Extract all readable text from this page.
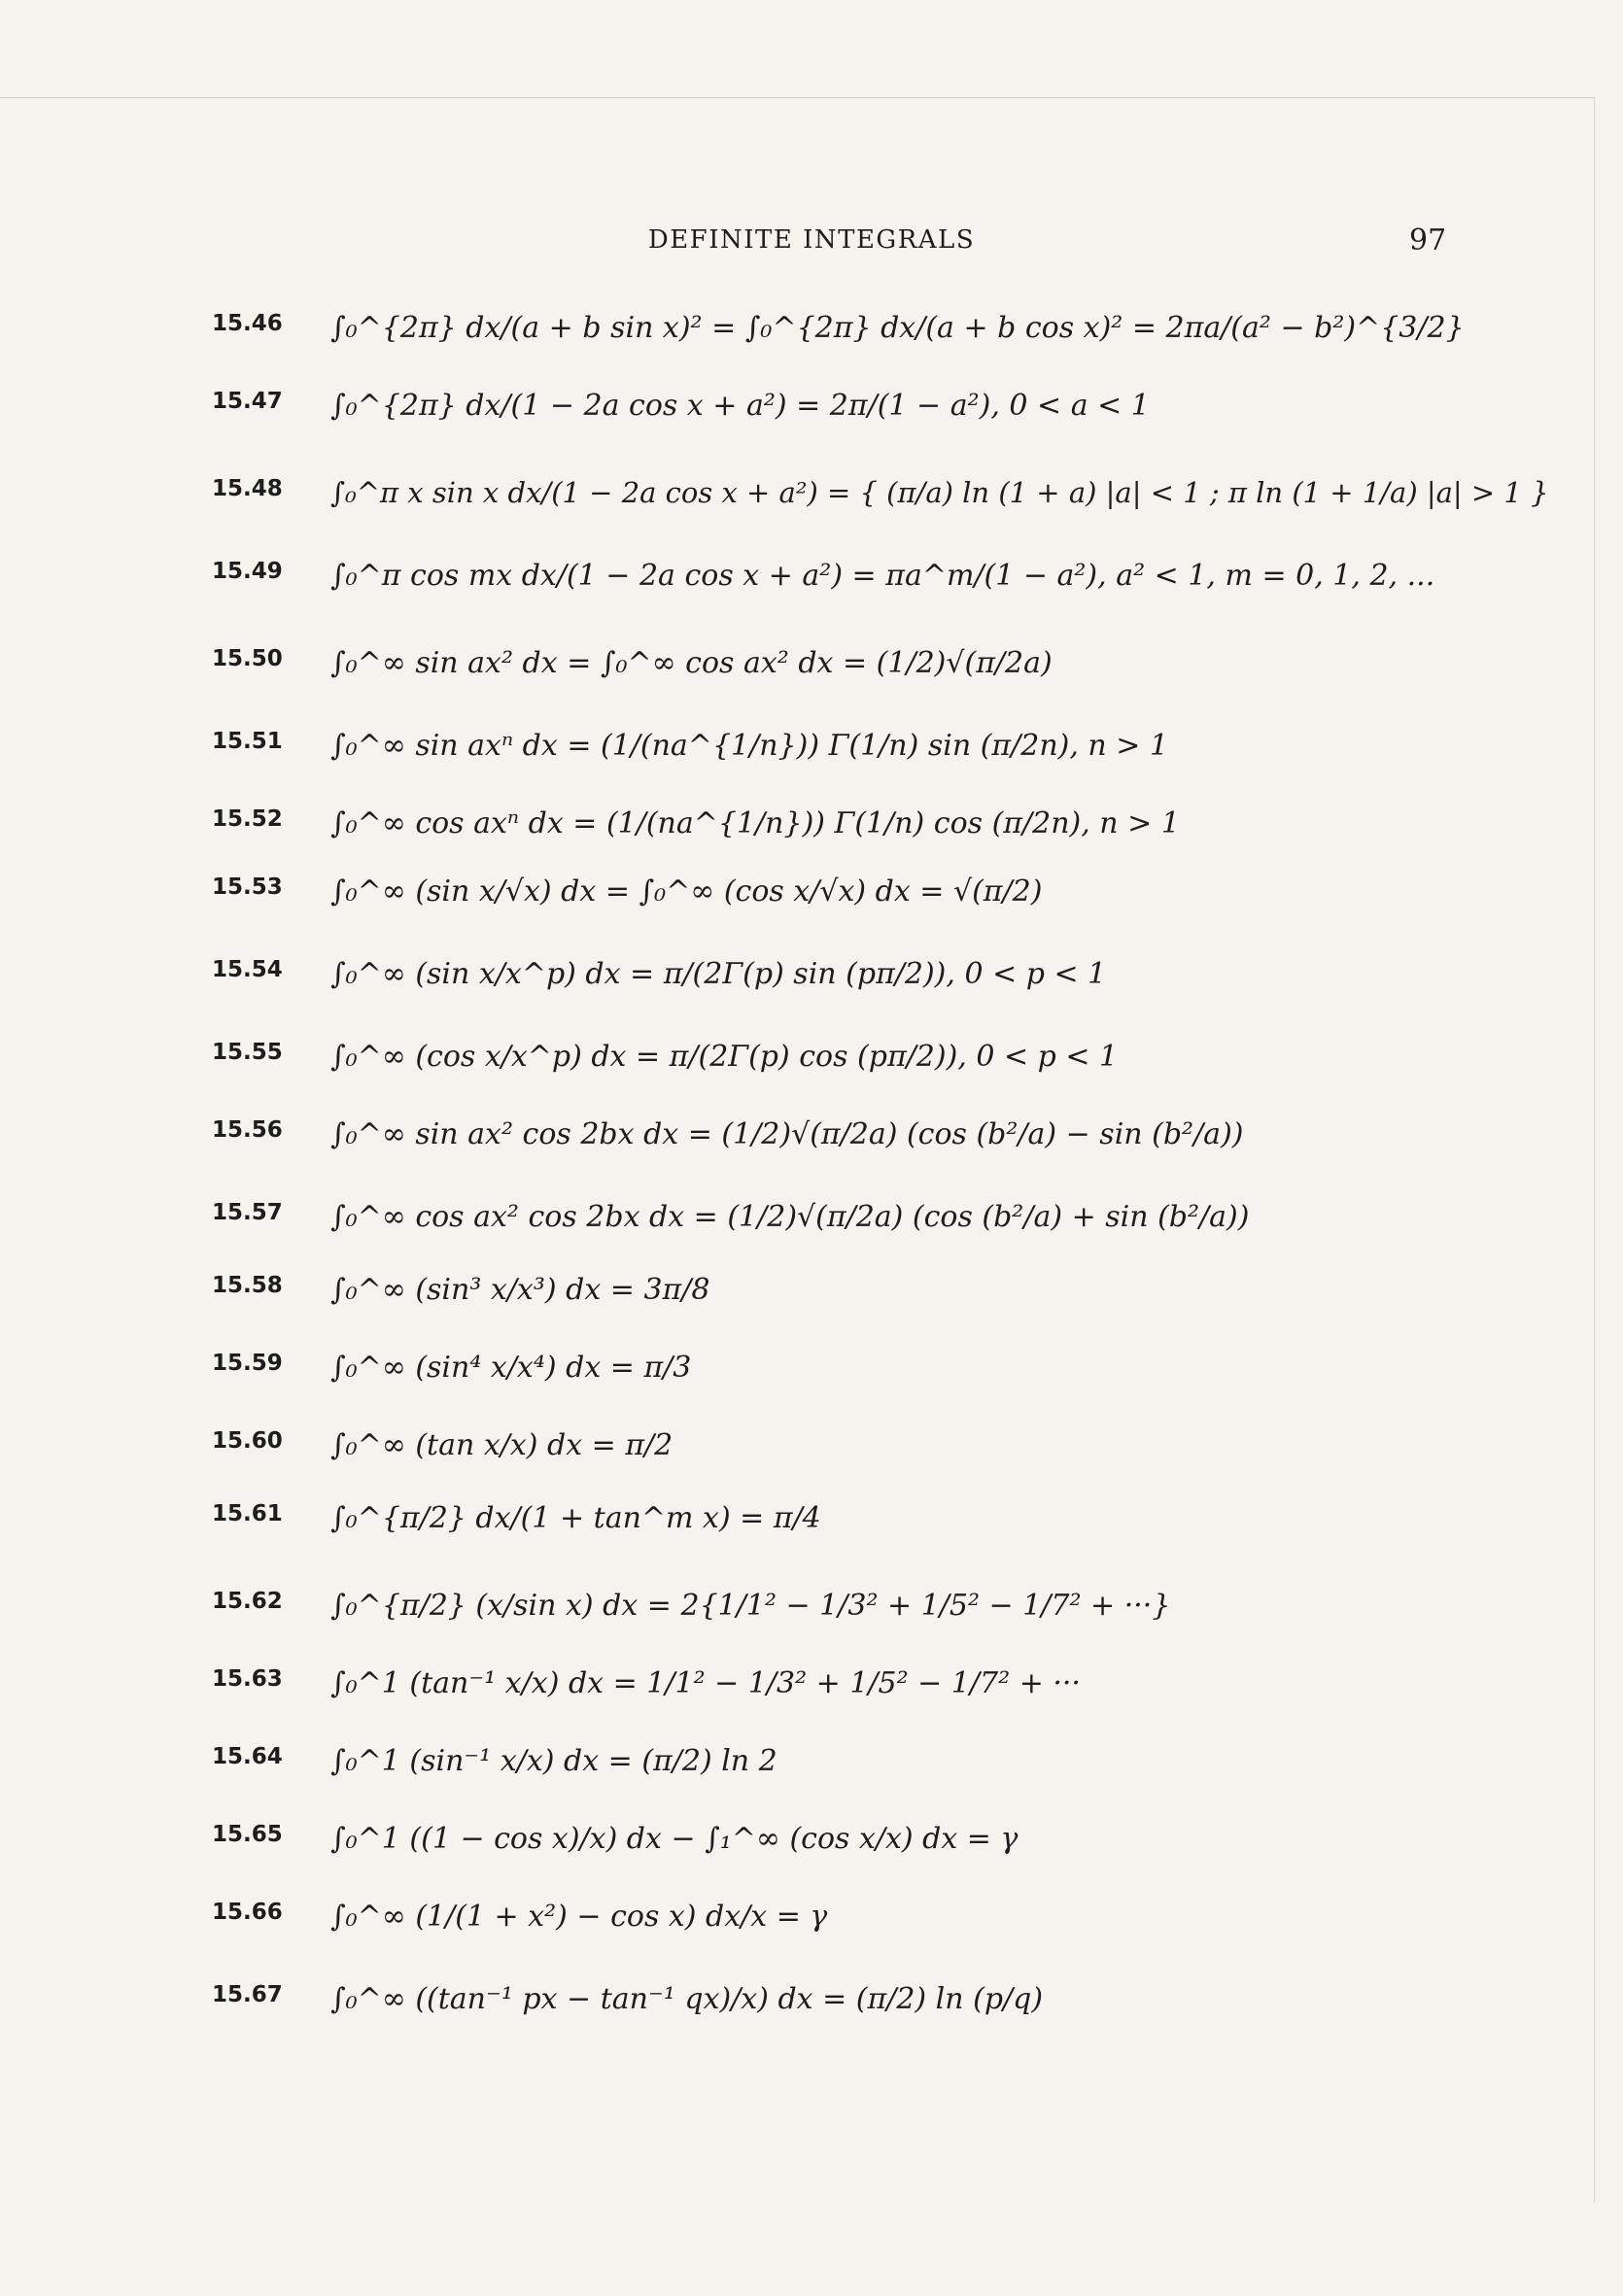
DEFINITE INTEGRALS	97
15.46 ∫₀^{2π} dx/(a + b sin x)² = ∫₀^{2π} dx/(a + b cos x)² = 2πa/(a² − b²)^{3/2}
15.47 ∫₀^{2π} dx/(1 − 2a cos x + a²) = 2π/(1 − a²), 0 < a < 1
15.48 ∫₀^π x sin x dx/(1 − 2a cos x + a²) = { (π/a) ln (1 + a) |a| < 1 ; π ln (1 + 1/a) |a| > 1 }
15.49 ∫₀^π cos mx dx/(1 − 2a cos x + a²) = πa^m/(1 − a²), a² < 1, m = 0, 1, 2, ...
15.50 ∫₀^∞ sin ax² dx = ∫₀^∞ cos ax² dx = (1/2)√(π/2a)
15.51 ∫₀^∞ sin axⁿ dx = (1/(na^{1/n})) Γ(1/n) sin (π/2n), n > 1
15.52 ∫₀^∞ cos axⁿ dx = (1/(na^{1/n})) Γ(1/n) cos (π/2n), n > 1
15.53 ∫₀^∞ (sin x/√x) dx = ∫₀^∞ (cos x/√x) dx = √(π/2)
15.54 ∫₀^∞ (sin x/x^p) dx = π/(2Γ(p) sin (pπ/2)), 0 < p < 1
15.55 ∫₀^∞ (cos x/x^p) dx = π/(2Γ(p) cos (pπ/2)), 0 < p < 1
15.56 ∫₀^∞ sin ax² cos 2bx dx = (1/2)√(π/2a) (cos (b²/a) − sin (b²/a))
15.57 ∫₀^∞ cos ax² cos 2bx dx = (1/2)√(π/2a) (cos (b²/a) + sin (b²/a))
15.58 ∫₀^∞ (sin³ x/x³) dx = 3π/8
15.59 ∫₀^∞ (sin⁴ x/x⁴) dx = π/3
15.60 ∫₀^∞ (tan x/x) dx = π/2
15.61 ∫₀^{π/2} dx/(1 + tan^m x) = π/4
15.62 ∫₀^{π/2} (x/sin x) dx = 2{1/1² − 1/3² + 1/5² − 1/7² + ···}
15.63 ∫₀^1 (tan⁻¹ x/x) dx = 1/1² − 1/3² + 1/5² − 1/7² + ···
15.64 ∫₀^1 (sin⁻¹ x/x) dx = (π/2) ln 2
15.65 ∫₀^1 ((1 − cos x)/x) dx − ∫₁^∞ (cos x/x) dx = γ
15.66 ∫₀^∞ (1/(1 + x²) − cos x) dx/x = γ
15.67 ∫₀^∞ ((tan⁻¹ px − tan⁻¹ qx)/x) dx = (π/2) ln (p/q)
